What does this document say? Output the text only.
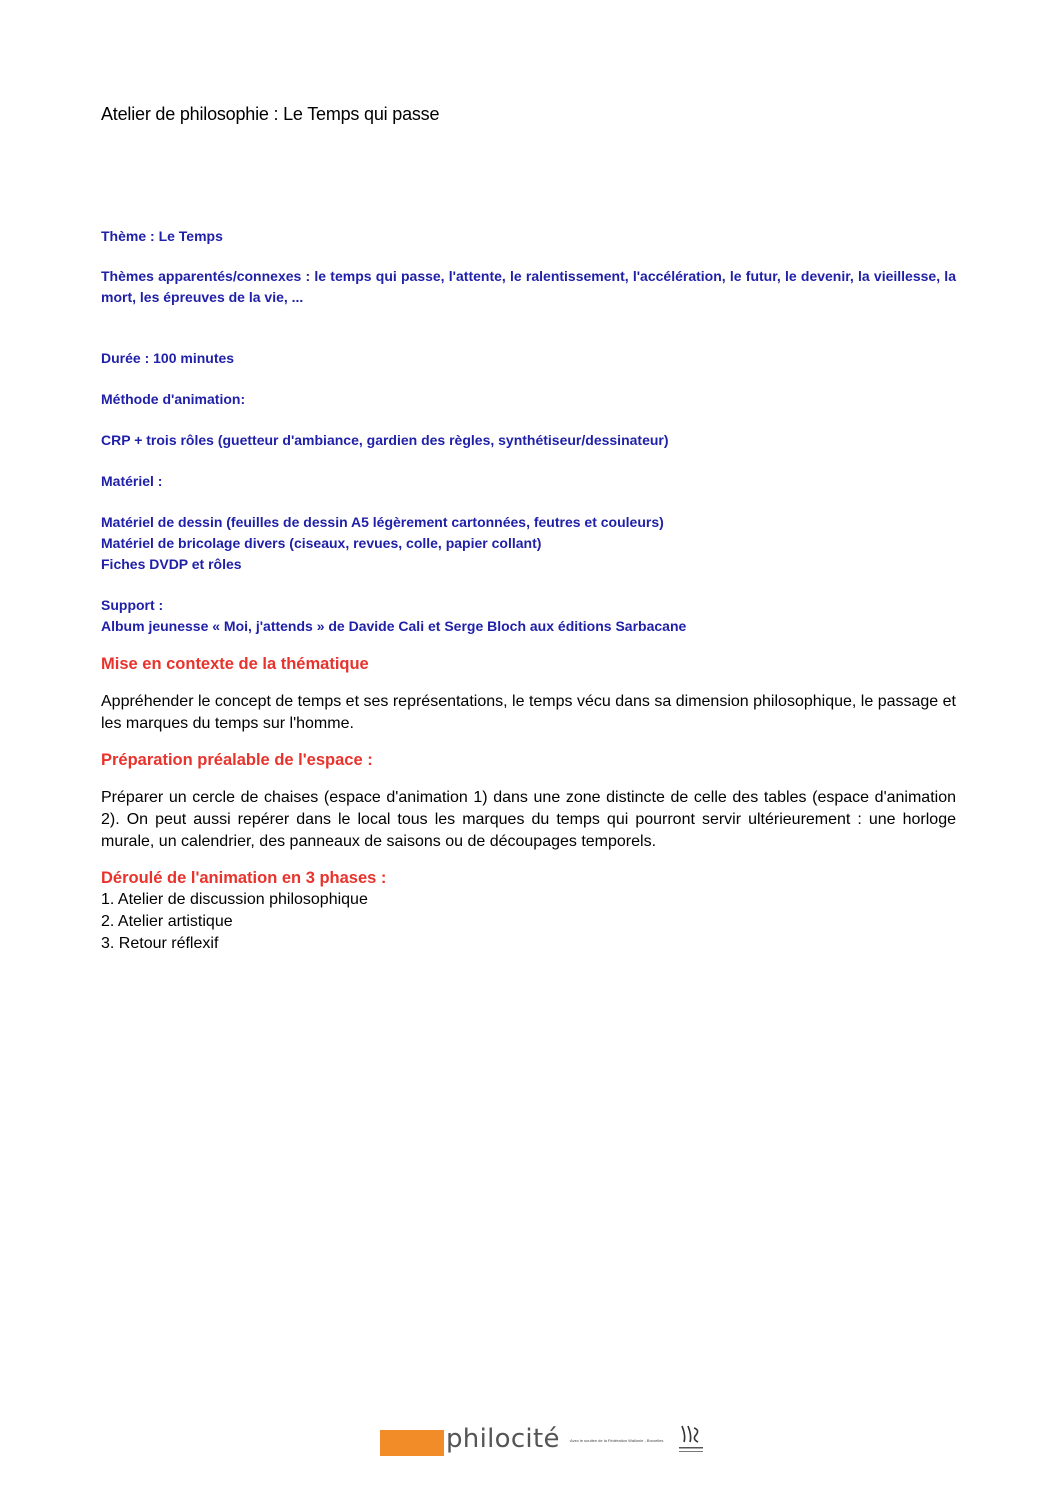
Atelier de philosophie : Le Temps qui passe

Thème : Le Temps

Thèmes apparentés/connexes : le temps qui passe, l'attente, le ralentissement, l'accélération, le futur, le devenir, la vieillesse, la mort, les épreuves de la vie, ...

Durée : 100 minutes

Méthode d'animation:

CRP + trois rôles (guetteur d'ambiance, gardien des règles, synthétiseur/dessinateur)

Matériel :

Matériel de dessin (feuilles de dessin A5 légèrement cartonnées, feutres et couleurs)

Matériel de bricolage divers (ciseaux, revues, colle, papier collant)

Fiches DVDP et rôles

Support :

Album jeunesse « Moi, j'attends » de Davide Cali et Serge Bloch aux éditions Sarbacane

Mise en contexte de la thématique

Appréhender le concept de temps et ses représentations, le temps vécu dans sa dimension philosophique, le passage et les marques du temps sur l'homme.

Préparation préalable de l'espace :

Préparer un cercle de chaises (espace d'animation 1) dans une zone distincte de celle des tables (espace d'animation 2). On peut aussi repérer dans le local tous les marques du temps qui pourront servir ultérieurement : une horloge murale, un calendrier, des panneaux de saisons ou de découpages temporels.

Déroulé de l'animation en 3 phases :
1. Atelier de discussion philosophique
2. Atelier artistique
3. Retour réflexif
philocité	Avec le soutien de la Fédération Wallonie - Bruxelles
